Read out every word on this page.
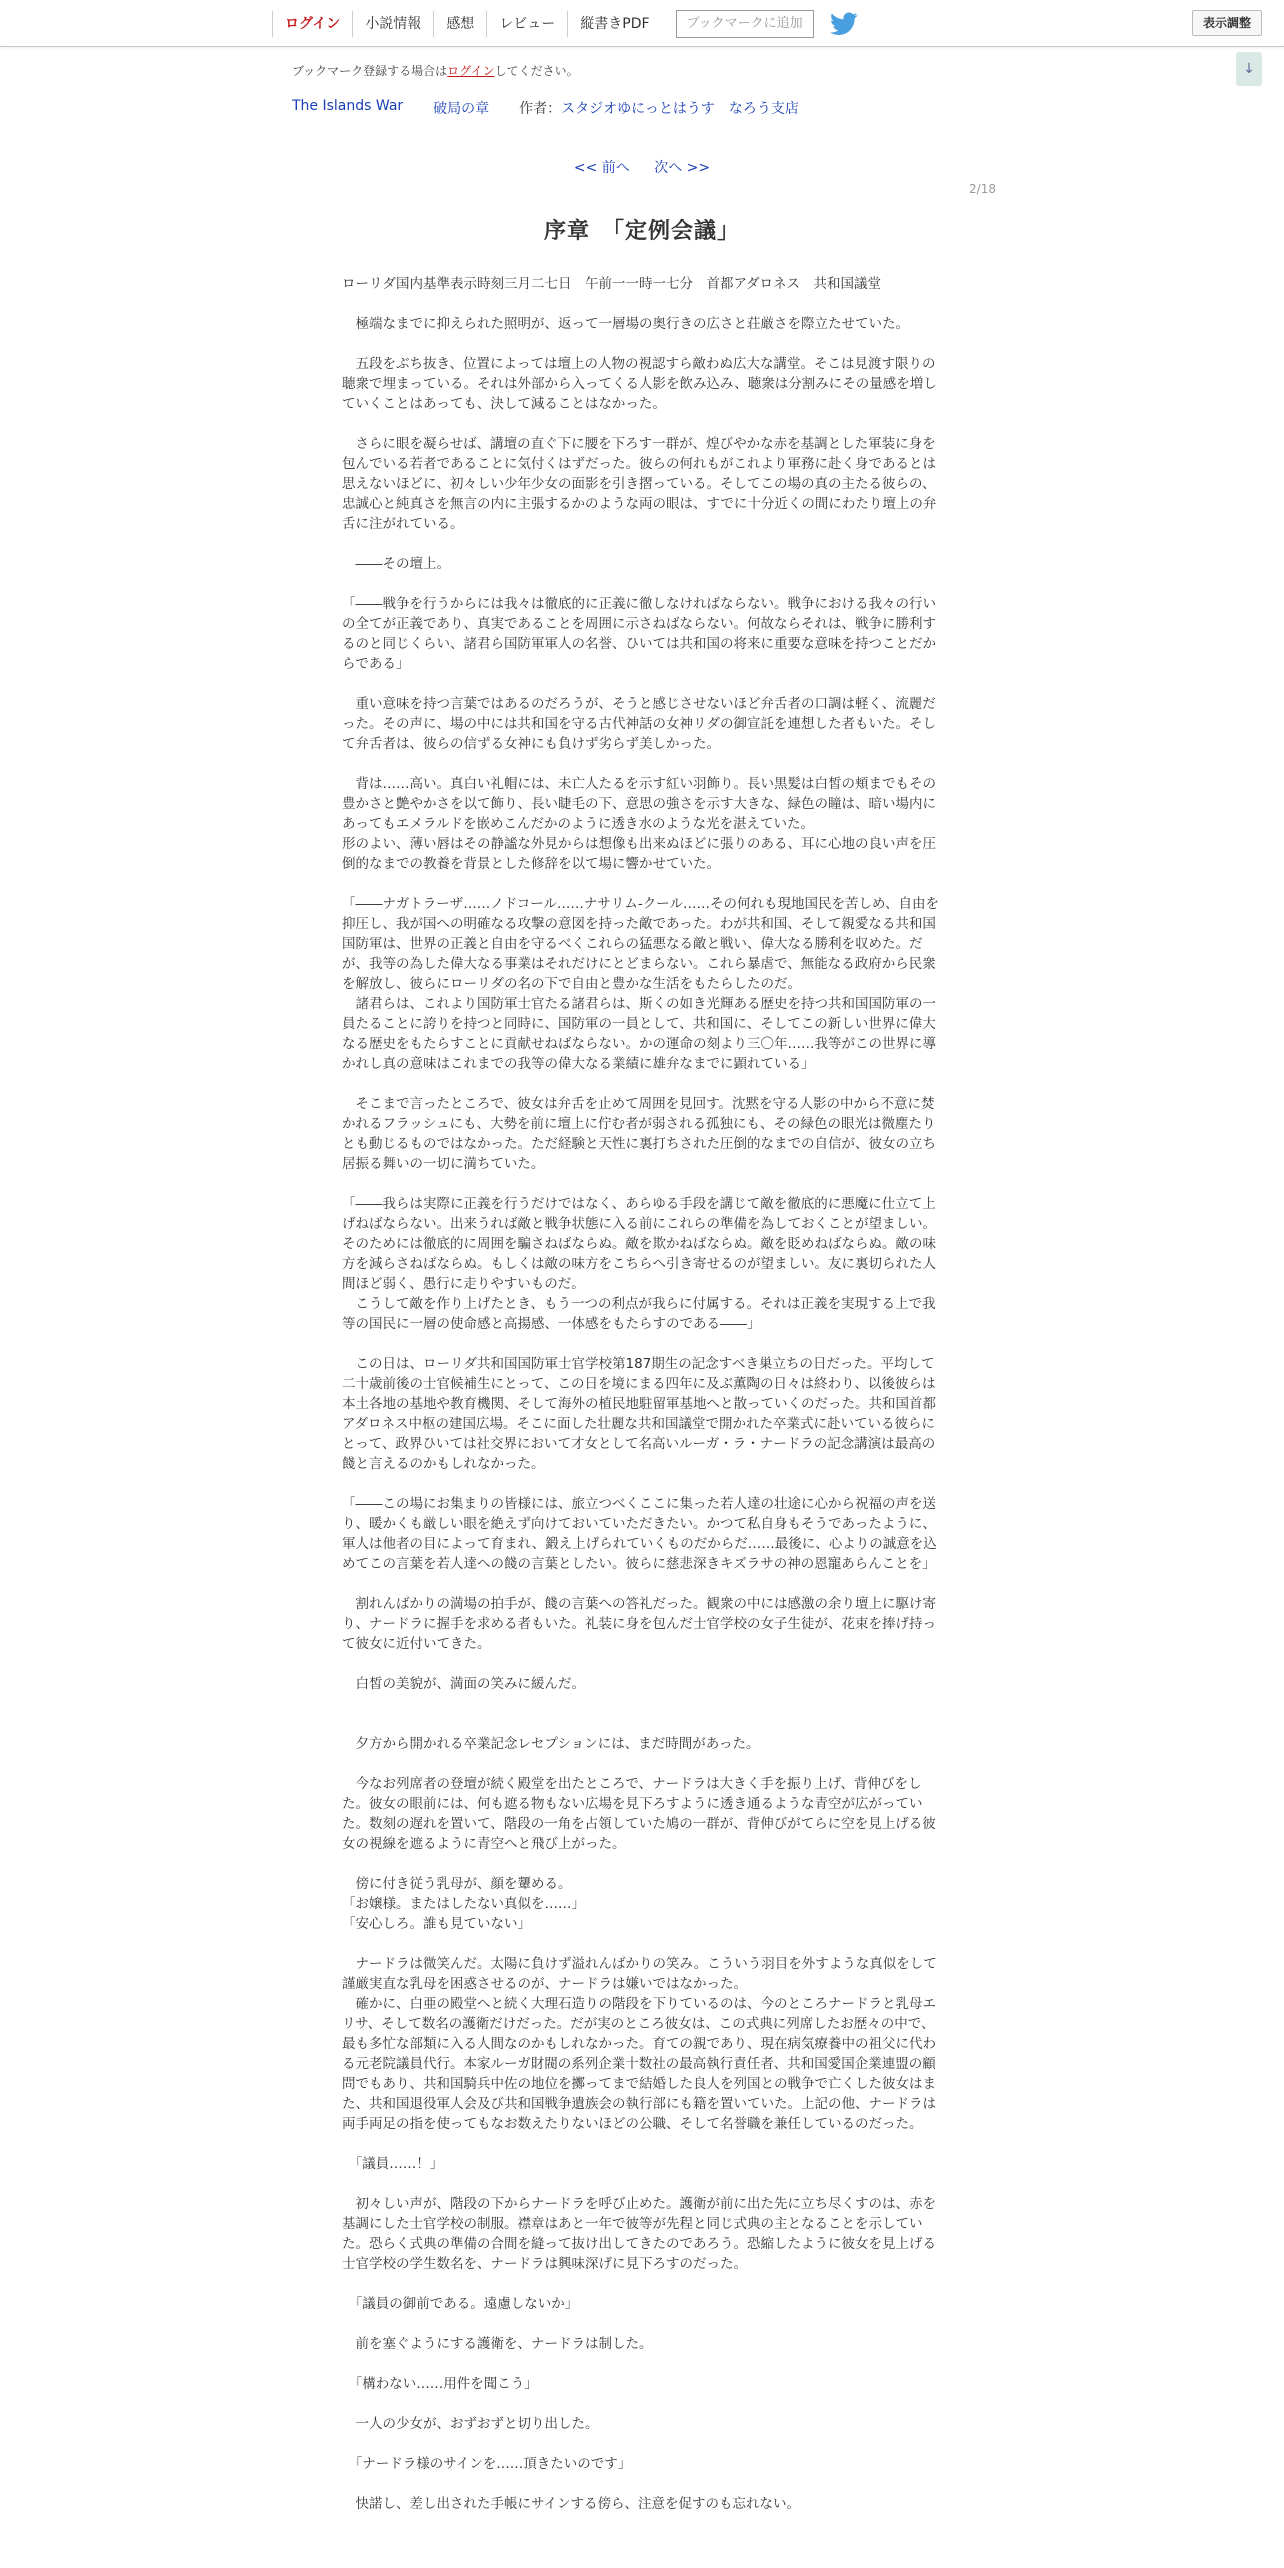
ログイン	小説情報	感想	レビュー	縦書きPDF	ブックマークに追加	表示調整
↓
ブックマーク登録する場合はログインしてください。
The Islands War 破局の章 作者： スタジオゆにっとはうす　なろう支店
<< 前へ 次へ >>
2/18
序章　「定例会議」

ローリダ国内基準表示時刻三月二七日　午前一一時一七分　首都アダロネス　共和国議堂

　極端なまでに抑えられた照明が、返って一層場の奥行きの広さと荘厳さを際立たせていた。

　五段をぶち抜き、位置によっては壇上の人物の視認すら敵わぬ広大な講堂。そこは見渡す限りの聴衆で埋まっている。それは外部から入ってくる人影を飲み込み、聴衆は分割みにその量感を増していくことはあっても、決して減ることはなかった。

　さらに眼を凝らせば、講壇の直ぐ下に腰を下ろす一群が、煌びやかな赤を基調とした軍装に身を包んでいる若者であることに気付くはずだった。彼らの何れもがこれより軍務に赴く身であるとは思えないほどに、初々しい少年少女の面影を引き摺っている。そしてこの場の真の主たる彼らの、忠誠心と純真さを無言の内に主張するかのような両の眼は、すでに十分近くの間にわたり壇上の弁舌に注がれている。

　――その壇上。

「――戦争を行うからには我々は徹底的に正義に徹しなければならない。戦争における我々の行いの全てが正義であり、真実であることを周囲に示さねばならない。何故ならそれは、戦争に勝利するのと同じくらい、諸君ら国防軍軍人の名誉、ひいては共和国の将来に重要な意味を持つことだからである」

　重い意味を持つ言葉ではあるのだろうが、そうと感じさせないほど弁舌者の口調は軽く、流麗だった。その声に、場の中には共和国を守る古代神話の女神リダの御宣託を連想した者もいた。そして弁舌者は、彼らの信ずる女神にも負けず劣らず美しかった。

　背は……高い。真白い礼帽には、未亡人たるを示す紅い羽飾り。長い黒髪は白皙の頬までもその豊かさと艶やかさを以て飾り、長い睫毛の下、意思の強さを示す大きな、緑色の瞳は、暗い場内にあってもエメラルドを嵌めこんだかのように透き水のような光を湛えていた。

形のよい、薄い唇はその静謐な外見からは想像も出来ぬほどに張りのある、耳に心地の良い声を圧倒的なまでの教養を背景とした修辞を以て場に響かせていた。

「――ナガトラーザ……ノドコール……ナサリム-クール……その何れも現地国民を苦しめ、自由を抑圧し、我が国への明確なる攻撃の意図を持った敵であった。わが共和国、そして親愛なる共和国国防軍は、世界の正義と自由を守るべくこれらの猛悪なる敵と戦い、偉大なる勝利を収めた。だが、我等の為した偉大なる事業はそれだけにとどまらない。これら暴虐で、無能なる政府から民衆を解放し、彼らにローリダの名の下で自由と豊かな生活をもたらしたのだ。

　諸君らは、これより国防軍士官たる諸君らは、斯くの如き光輝ある歴史を持つ共和国国防軍の一員たることに誇りを持つと同時に、国防軍の一員として、共和国に、そしてこの新しい世界に偉大なる歴史をもたらすことに貢献せねばならない。かの運命の刻より三〇年……我等がこの世界に導かれし真の意味はこれまでの我等の偉大なる業績に雄弁なまでに顕れている」

　そこまで言ったところで、彼女は弁舌を止めて周囲を見回す。沈黙を守る人影の中から不意に焚かれるフラッシュにも、大勢を前に壇上に佇む者が弱される孤独にも、その緑色の眼光は微塵たりとも動じるものではなかった。ただ経験と天性に裏打ちされた圧倒的なまでの自信が、彼女の立ち居振る舞いの一切に満ちていた。

「――我らは実際に正義を行うだけではなく、あらゆる手段を講じて敵を徹底的に悪魔に仕立て上げねばならない。出来うれば敵と戦争状態に入る前にこれらの準備を為しておくことが望ましい。そのためには徹底的に周囲を騙さねばならぬ。敵を欺かねばならぬ。敵を貶めねばならぬ。敵の味方を減らさねばならぬ。もしくは敵の味方をこちらへ引き寄せるのが望ましい。友に裏切られた人間ほど弱く、愚行に走りやすいものだ。

　こうして敵を作り上げたとき、もう一つの利点が我らに付属する。それは正義を実現する上で我等の国民に一層の使命感と高揚感、一体感をもたらすのである――」

　この日は、ローリダ共和国国防軍士官学校第187期生の記念すべき巣立ちの日だった。平均して二十歳前後の士官候補生にとって、この日を境にまる四年に及ぶ薫陶の日々は終わり、以後彼らは本土各地の基地や教育機関、そして海外の植民地駐留軍基地へと散っていくのだった。共和国首都アダロネス中枢の建国広場。そこに面した壮麗な共和国議堂で開かれた卒業式に赴いている彼らにとって、政界ひいては社交界において才女として名高いルーガ・ラ・ナードラの記念講演は最高の餞と言えるのかもしれなかった。

「――この場にお集まりの皆様には、旅立つべくここに集った若人達の壮途に心から祝福の声を送り、暖かくも厳しい眼を絶えず向けておいていただきたい。かつて私自身もそうであったように、軍人は他者の目によって育まれ、鍛え上げられていくものだからだ……最後に、心よりの誠意を込めてこの言葉を若人達への餞の言葉としたい。彼らに慈悲深きキズラサの神の恩寵あらんことを」

　割れんばかりの満場の拍手が、餞の言葉への答礼だった。観衆の中には感激の余り壇上に駆け寄り、ナードラに握手を求める者もいた。礼装に身を包んだ士官学校の女子生徒が、花束を捧げ持って彼女に近付いてきた。

　白皙の美貌が、満面の笑みに緩んだ。

　夕方から開かれる卒業記念レセプションには、まだ時間があった。

　今なお列席者の登壇が続く殿堂を出たところで、ナードラは大きく手を振り上げ、背伸びをした。彼女の眼前には、何も遮る物もない広場を見下ろすように透き通るような青空が広がっていた。数刻の遅れを置いて、階段の一角を占領していた鳩の一群が、背伸びがてらに空を見上げる彼女の視線を遮るように青空へと飛び上がった。

　傍に付き従う乳母が、顔を顰める。

「お嬢様。またはしたない真似を……」

「安心しろ。誰も見ていない」

　ナードラは微笑んだ。太陽に負けず溢れんばかりの笑み。こういう羽目を外すような真似をして謹厳実直な乳母を困惑させるのが、ナードラは嫌いではなかった。

　確かに、白亜の殿堂へと続く大理石造りの階段を下りているのは、今のところナードラと乳母エリサ、そして数名の護衛だけだった。だが実のところ彼女は、この式典に列席したお歴々の中で、最も多忙な部類に入る人間なのかもしれなかった。育ての親であり、現在病気療養中の祖父に代わる元老院議員代行。本家ルーガ財閥の系列企業十数社の最高執行責任者、共和国愛国企業連盟の顧問でもあり、共和国騎兵中佐の地位を擲ってまで結婚した良人を列国との戦争で亡くした彼女はまた、共和国退役軍人会及び共和国戦争遺族会の執行部にも籍を置いていた。上記の他、ナードラは両手両足の指を使ってもなお数えたりないほどの公職、そして名誉職を兼任しているのだった。

　「議員……！」

　初々しい声が、階段の下からナードラを呼び止めた。護衛が前に出た先に立ち尽くすのは、赤を基調にした士官学校の制服。襟章はあと一年で彼等が先程と同じ式典の主となることを示していた。恐らく式典の準備の合間を縫って抜け出してきたのであろう。恐縮したように彼女を見上げる士官学校の学生数名を、ナードラは興味深げに見下ろすのだった。

　「議員の御前である。遠慮しないか」

　前を塞ぐようにする護衛を、ナードラは制した。

　「構わない……用件を聞こう」

　一人の少女が、おずおずと切り出した。

　「ナードラ様のサインを……頂きたいのです」

　快諾し、差し出された手帳にサインする傍ら、注意を促すのも忘れない。
